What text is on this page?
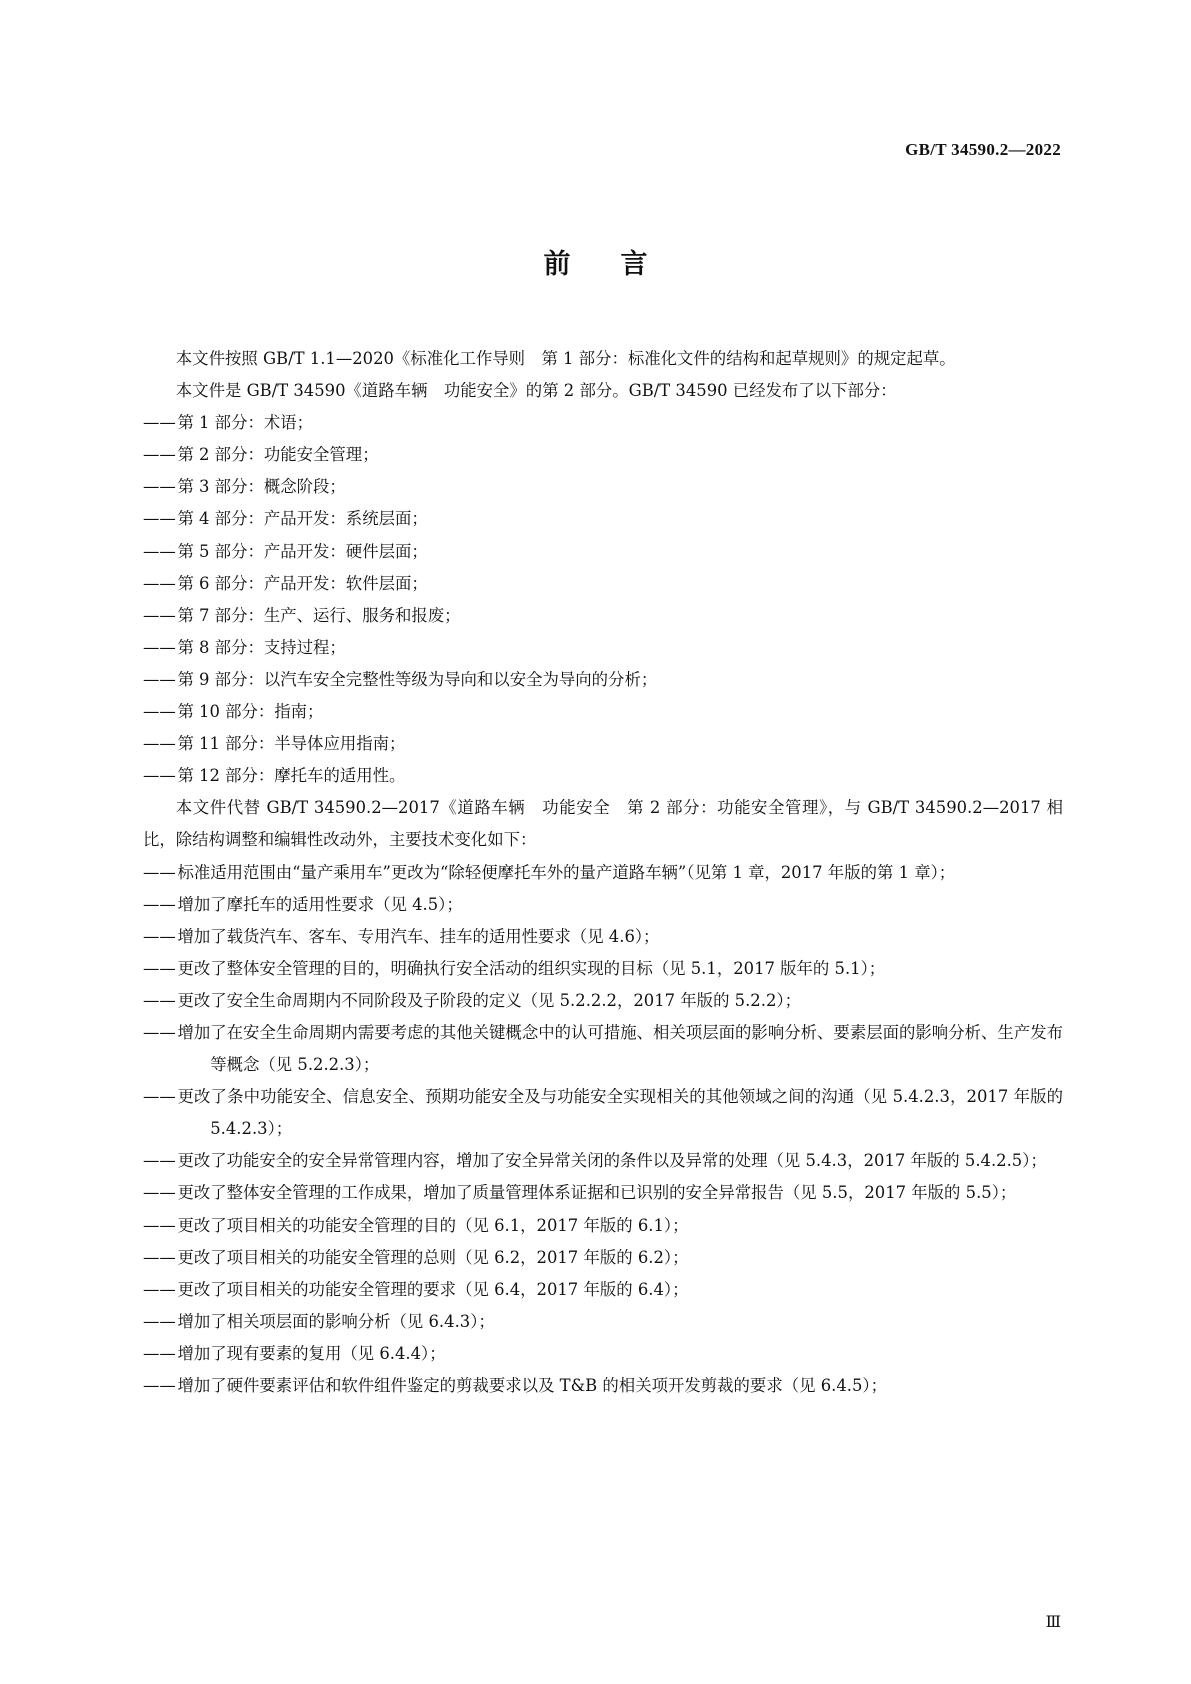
GB/T 34590.2—2022
前言

本文件按照 GB/T 1.1—2020《标准化工作导则　第 1 部分：标准化文件的结构和起草规则》的规定起草。

本文件是 GB/T 34590《道路车辆　功能安全》的第 2 部分。GB/T 34590 已经发布了以下部分：

—— 第 1 部分：术语；

—— 第 2 部分：功能安全管理；

—— 第 3 部分：概念阶段；

—— 第 4 部分：产品开发：系统层面；

—— 第 5 部分：产品开发：硬件层面；

—— 第 6 部分：产品开发：软件层面；

—— 第 7 部分：生产、运行、服务和报废；

—— 第 8 部分：支持过程；

—— 第 9 部分：以汽车安全完整性等级为导向和以安全为导向的分析；

—— 第 10 部分：指南；

—— 第 11 部分：半导体应用指南；

—— 第 12 部分：摩托车的适用性。

本文件代替 GB/T 34590.2—2017《道路车辆　功能安全　第 2 部分：功能安全管理》，与 GB/T 34590.2—2017 相比，除结构调整和编辑性改动外，主要技术变化如下：

—— 标准适用范围由“量产乘用车”更改为“除轻便摩托车外的量产道路车辆”（见第 1 章，2017 年版的第 1 章）；

—— 增加了摩托车的适用性要求（见 4.5）；

—— 增加了载货汽车、客车、专用汽车、挂车的适用性要求（见 4.6）；

—— 更改了整体安全管理的目的，明确执行安全活动的组织实现的目标（见 5.1，2017 版年的 5.1）；

—— 更改了安全生命周期内不同阶段及子阶段的定义（见 5.2.2.2，2017 年版的 5.2.2）；

—— 增加了在安全生命周期内需要考虑的其他关键概念中的认可措施、相关项层面的影响分析、要素层面的影响分析、生产发布等概念（见 5.2.2.3）；

—— 更改了条中功能安全、信息安全、预期功能安全及与功能安全实现相关的其他领域之间的沟通（见 5.4.2.3，2017 年版的 5.4.2.3）；

—— 更改了功能安全的安全异常管理内容，增加了安全异常关闭的条件以及异常的处理（见 5.4.3，2017 年版的 5.4.2.5）；

—— 更改了整体安全管理的工作成果，增加了质量管理体系证据和已识别的安全异常报告（见 5.5，2017 年版的 5.5）；

—— 更改了项目相关的功能安全管理的目的（见 6.1，2017 年版的 6.1）；

—— 更改了项目相关的功能安全管理的总则（见 6.2，2017 年版的 6.2）；

—— 更改了项目相关的功能安全管理的要求（见 6.4，2017 年版的 6.4）；

—— 增加了相关项层面的影响分析（见 6.4.3）；

—— 增加了现有要素的复用（见 6.4.4）；

—— 增加了硬件要素评估和软件组件鉴定的剪裁要求以及 T&B 的相关项开发剪裁的要求（见 6.4.5）；

Ⅲ
